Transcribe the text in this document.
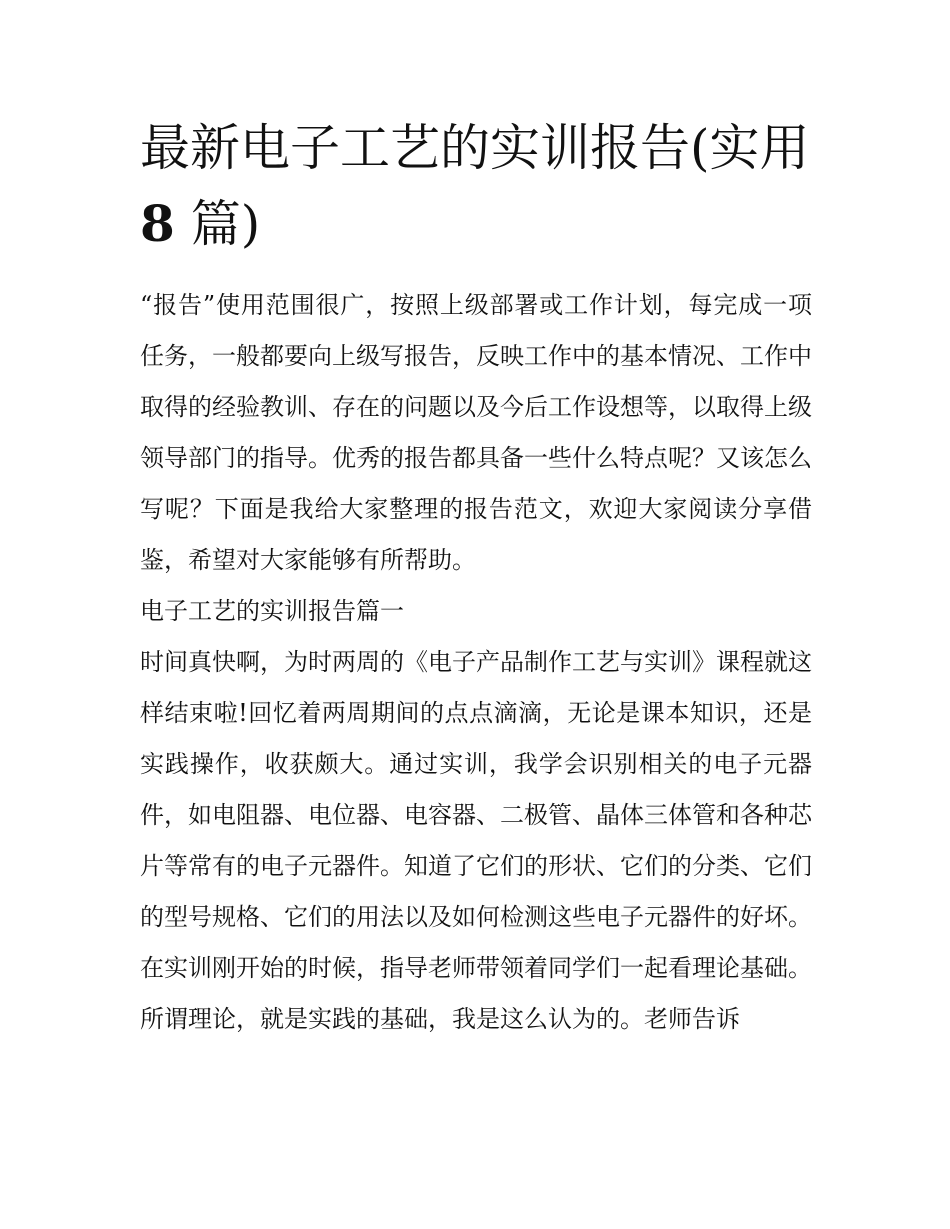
最新电子工艺的实训报告(实用
8 篇)

“报告”使用范围很广，按照上级部署或工作计划，每完成一项任务，一般都要向上级写报告，反映工作中的基本情况、工作中取得的经验教训、存在的问题以及今后工作设想等，以取得上级领导部门的指导。优秀的报告都具备一些什么特点呢？又该怎么写呢？下面是我给大家整理的报告范文，欢迎大家阅读分享借鉴，希望对大家能够有所帮助。

电子工艺的实训报告篇一

时间真快啊，为时两周的《电子产品制作工艺与实训》课程就这样结束啦!回忆着两周期间的点点滴滴，无论是课本知识，还是实践操作，收获颇大。通过实训，我学会识别相关的电子元器件，如电阻器、电位器、电容器、二极管、晶体三体管和各种芯片等常有的电子元器件。知道了它们的形状、它们的分类、它们的型号规格、它们的用法以及如何检测这些电子元器件的好坏。

在实训刚开始的时候，指导老师带领着同学们一起看理论基础。所谓理论，就是实践的基础，我是这么认为的。老师告诉
